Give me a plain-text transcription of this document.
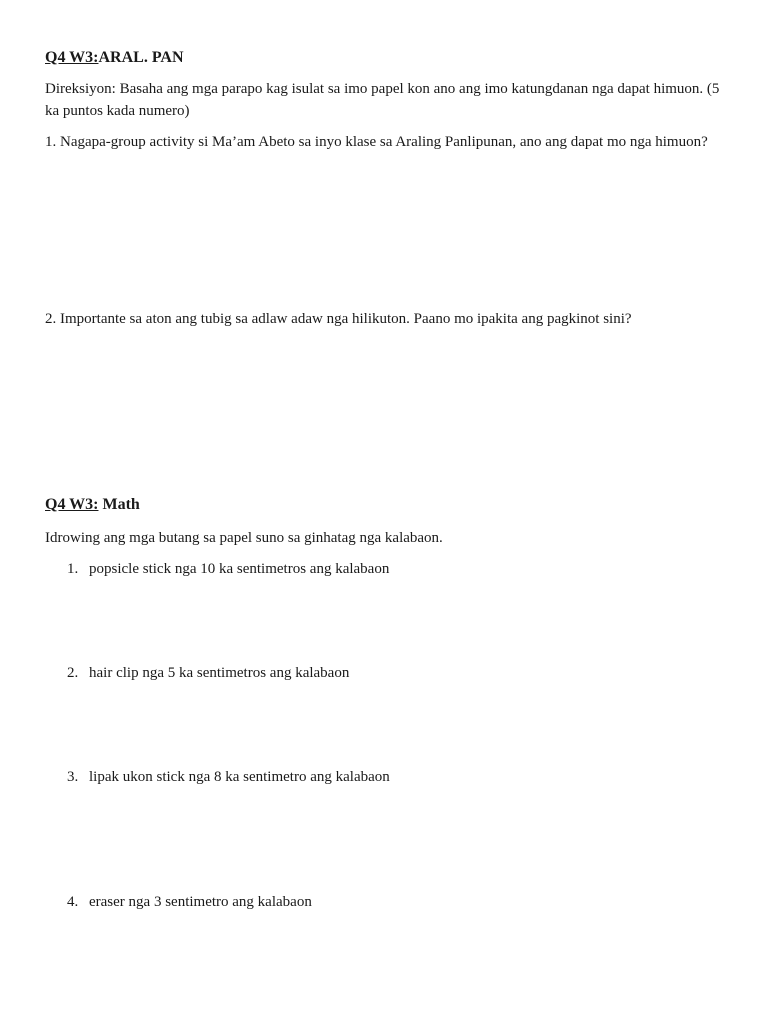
Q4 W3:ARAL. PAN

Direksiyon: Basaha ang mga parapo kag isulat sa imo papel kon ano ang imo katungdanan nga dapat himuon. (5 ka puntos kada numero)

1. Nagapa-group activity si Ma’am Abeto sa inyo klase sa Araling Panlipunan, ano ang dapat mo nga himuon?

2. Importante sa aton ang tubig sa adlaw adaw nga hilikuton. Paano mo ipakita ang pagkinot sini?

Q4 W3: Math

Idrowing ang mga butang sa papel suno sa ginhatag nga kalabaon.

1. popsicle stick nga 10 ka sentimetros ang kalabaon
2. hair clip nga 5 ka sentimetros ang kalabaon
3. lipak ukon stick nga 8 ka sentimetro ang kalabaon
4. eraser nga 3 sentimetro ang kalabaon
